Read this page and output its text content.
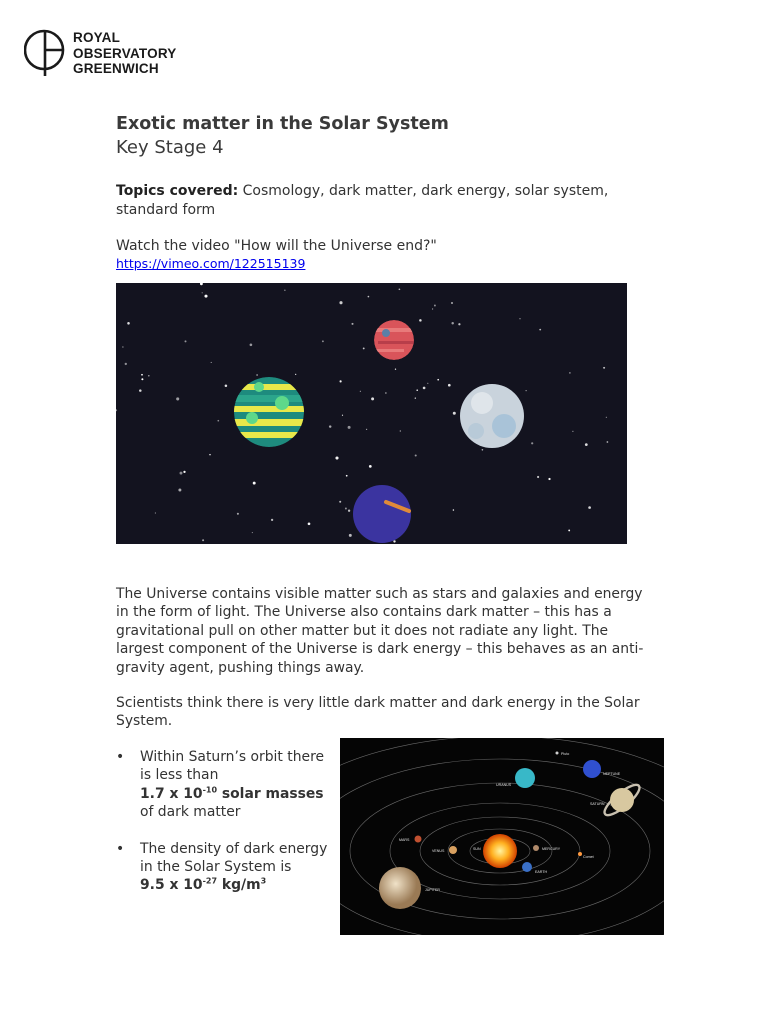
ROYAL
OBSERVATORY
GREENWICH
Exotic matter in the Solar System
Key Stage 4
Topics covered: Cosmology, dark matter, dark energy, solar system, standard form
Watch the video "How will the Universe end?"
https://vimeo.com/122515139
The Universe contains visible matter such as stars and galaxies and energy in the form of light. The Universe also contains dark matter – this has a gravitational pull on other matter but it does not radiate any light. The largest component of the Universe is dark energy – this behaves as an anti-gravity agent, pushing things away.
Scientists think there is very little dark matter and dark energy in the Solar System.
• Within Saturn’s orbit there is less than
1.7 x $10^{-10}$ solar masses
of dark matter
• The density of dark energy in the Solar System is
9.5 x $10^{-27}$ $kg/m^3$
Pluto
NEPTUNE
URANUS
SATURN
MARS
VENUS	SUN	MERCURY
EARTH
Comet
JUPITER
